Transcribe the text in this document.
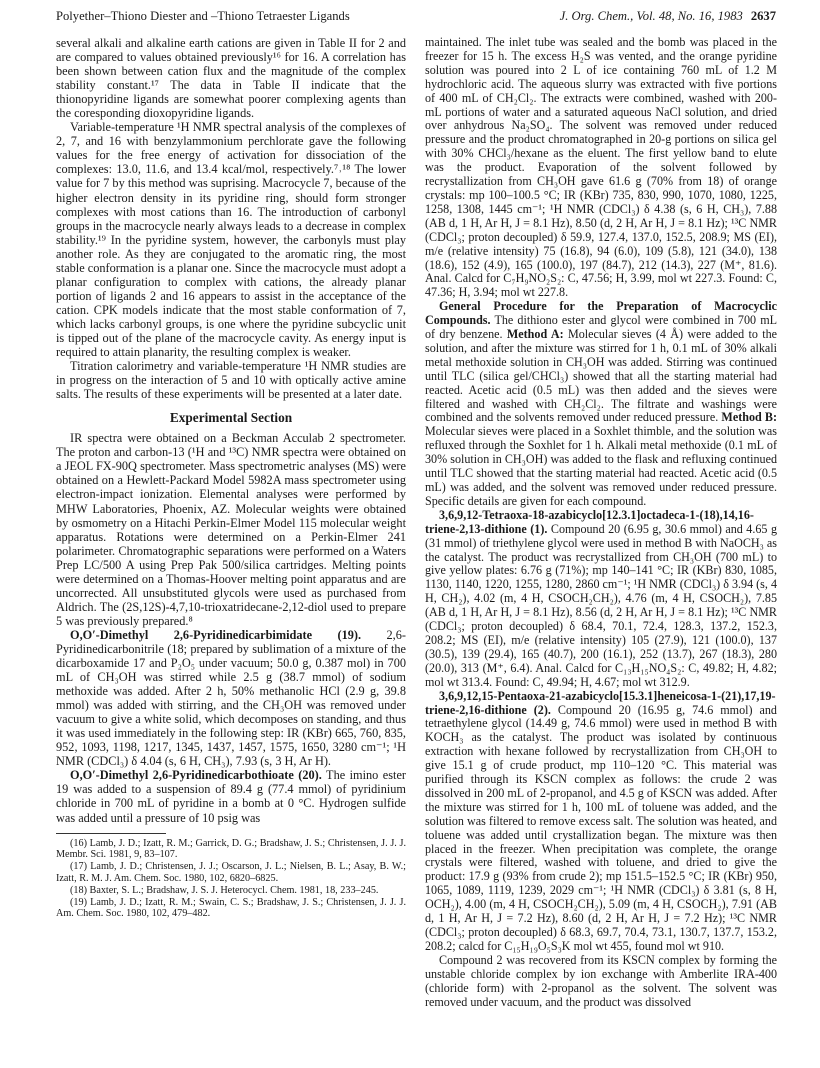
Polyether–Thiono Diester and –Thiono Tetraester Ligands	J. Org. Chem., Vol. 48, No. 16, 1983 2637

several alkali and alkaline earth cations are given in Table II for 2 and are compared to values obtained previously¹⁶ for 16. A correlation has been shown between cation flux and the magnitude of the complex stability constant.¹⁷ The data in Table II indicate that the thionopyridine ligands are somewhat poorer complexing agents than the coresponding dioxopyridine ligands.

Variable-temperature ¹H NMR spectral analysis of the complexes of 2, 7, and 16 with benzylammonium perchlorate gave the following values for the free energy of activation for dissociation of the complexes: 13.0, 11.6, and 13.4 kcal/mol, respectively.⁷˒¹⁸ The lower value for 7 by this method was suprising. Macrocycle 7, because of the higher electron density in its pyridine ring, should form stronger complexes with most cations than 16. The introduction of carbonyl groups in the macrocycle nearly always leads to a decrease in complex stability.¹⁹ In the pyridine system, however, the carbonyls must play another role. As they are conjugated to the aromatic ring, the most stable conformation is a planar one. Since the macrocycle must adopt a planar configuration to complex with cations, the already planar portion of ligands 2 and 16 appears to assist in the acceptance of the cation. CPK models indicate that the most stable conformation of 7, which lacks carbonyl groups, is one where the pyridine subcyclic unit is tipped out of the plane of the macrocycle cavity. As energy input is required to attain planarity, the resulting complex is weaker.

Titration calorimetry and variable-temperature ¹H NMR studies are in progress on the interaction of 5 and 10 with optically active amine salts. The results of these experiments will be presented at a later date.

Experimental Section

IR spectra were obtained on a Beckman Acculab 2 spectrometer. The proton and carbon-13 (¹H and ¹³C) NMR spectra were obtained on a JEOL FX-90Q spectrometer. Mass spectrometric analyses (MS) were obtained on a Hewlett-Packard Model 5982A mass spectrometer using electron-impact ionization. Elemental analyses were performed by MHW Laboratories, Phoenix, AZ. Molecular weights were obtained by osmometry on a Hitachi Perkin-Elmer Model 115 molecular weight apparatus. Rotations were determined on a Perkin-Elmer 241 polarimeter. Chromatographic separations were performed on a Waters Prep LC/500 A using Prep Pak 500/silica cartridges. Melting points were determined on a Thomas-Hoover melting point apparatus and are uncorrected. All unsubstituted glycols were used as purchased from Aldrich. The (2S,12S)-4,7,10-trioxatridecane-2,12-diol used to prepare 5 was previously prepared.⁸

O,O′-Dimethyl 2,6-Pyridinedicarbimidate (19). 2,6-Pyridinedicarbonitrile (18; prepared by sublimation of a mixture of the dicarboxamide 17 and P₂O₅ under vacuum; 50.0 g, 0.387 mol) in 700 mL of CH₃OH was stirred while 2.5 g (38.7 mmol) of sodium methoxide was added. After 2 h, 50% methanolic HCl (2.9 g, 39.8 mmol) was added with stirring, and the CH₃OH was removed under vacuum to give a white solid, which decomposes on standing, and thus it was used immediately in the following step: IR (KBr) 665, 760, 835, 952, 1093, 1198, 1217, 1345, 1437, 1457, 1575, 1650, 3280 cm⁻¹; ¹H NMR (CDCl₃) δ 4.04 (s, 6 H, CH₃), 7.93 (s, 3 H, Ar H).

O,O′-Dimethyl 2,6-Pyridinedicarbothioate (20). The imino ester 19 was added to a suspension of 89.4 g (77.4 mmol) of pyridinium chloride in 700 mL of pyridine in a bomb at 0 °C. Hydrogen sulfide was added until a pressure of 10 psig was

(16) Lamb, J. D.; Izatt, R. M.; Garrick, D. G.; Bradshaw, J. S.; Christensen, J. J. J. Membr. Sci. 1981, 9, 83–107.

(17) Lamb, J. D.; Christensen, J. J.; Oscarson, J. L.; Nielsen, B. L.; Asay, B. W.; Izatt, R. M. J. Am. Chem. Soc. 1980, 102, 6820–6825.

(18) Baxter, S. L.; Bradshaw, J. S. J. Heterocycl. Chem. 1981, 18, 233–245.

(19) Lamb, J. D.; Izatt, R. M.; Swain, C. S.; Bradshaw, J. S.; Christensen, J. J. J. Am. Chem. Soc. 1980, 102, 479–482.

maintained. The inlet tube was sealed and the bomb was placed in the freezer for 15 h. The excess H₂S was vented, and the orange pyridine solution was poured into 2 L of ice containing 760 mL of 1.2 M hydrochloric acid. The aqueous slurry was extracted with five portions of 400 mL of CH₂Cl₂. The extracts were combined, washed with 200-mL portions of water and a saturated aqueous NaCl solution, and dried over anhydrous Na₂SO₄. The solvent was removed under reduced pressure and the product chromatographed in 20-g portions on silica gel with 30% CHCl₃/hexane as the eluent. The first yellow band to elute was the product. Evaporation of the solvent followed by recrystallization from CH₃OH gave 61.6 g (70% from 18) of orange crystals: mp 100–100.5 °C; IR (KBr) 735, 830, 990, 1070, 1080, 1225, 1258, 1308, 1445 cm⁻¹; ¹H NMR (CDCl₃) δ 4.38 (s, 6 H, CH₃), 7.88 (AB d, 1 H, Ar H, J = 8.1 Hz), 8.50 (d, 2 H, Ar H, J = 8.1 Hz); ¹³C NMR (CDCl₃; proton decoupled) δ 59.9, 127.4, 137.0, 152.5, 208.9; MS (EI), m/e (relative intensity) 75 (16.8), 94 (6.0), 109 (5.8), 121 (34.0), 138 (18.6), 152 (4.9), 165 (100.0), 197 (84.7), 212 (14.3), 227 (M⁺, 81.6). Anal. Calcd for C₇H₉NO₂S₂: C, 47.56; H, 3.99, mol wt 227.3. Found: C, 47.36; H, 3.94; mol wt 227.8.

General Procedure for the Preparation of Macrocyclic Compounds. The dithiono ester and glycol were combined in 700 mL of dry benzene. Method A: Molecular sieves (4 Å) were added to the solution, and after the mixture was stirred for 1 h, 0.1 mL of 30% alkali metal methoxide solution in CH₃OH was added. Stirring was continued until TLC (silica gel/CHCl₃) showed that all the starting material had reacted. Acetic acid (0.5 mL) was then added and the sieves were filtered and washed with CH₂Cl₂. The filtrate and washings were combined and the solvents removed under reduced pressure. Method B: Molecular sieves were placed in a Soxhlet thimble, and the solution was refluxed through the Soxhlet for 1 h. Alkali metal methoxide (0.1 mL of 30% solution in CH₃OH) was added to the flask and refluxing continued until TLC showed that the starting material had reacted. Acetic acid (0.5 mL) was added, and the solvent was removed under reduced pressure. Specific details are given for each compound.

3,6,9,12-Tetraoxa-18-azabicyclo[12.3.1]octadeca-1-(18),14,16-triene-2,13-dithione (1). Compound 20 (6.95 g, 30.6 mmol) and 4.65 g (31 mmol) of triethylene glycol were used in method B with NaOCH₃ as the catalyst. The product was recrystallized from CH₃OH (700 mL) to give yellow plates: 6.76 g (71%); mp 140–141 °C; IR (KBr) 830, 1085, 1130, 1140, 1220, 1255, 1280, 2860 cm⁻¹; ¹H NMR (CDCl₃) δ 3.94 (s, 4 H, CH₂), 4.02 (m, 4 H, CSOCH₂CH₂), 4.76 (m, 4 H, CSOCH₂), 7.85 (AB d, 1 H, Ar H, J = 8.1 Hz), 8.56 (d, 2 H, Ar H, J = 8.1 Hz); ¹³C NMR (CDCl₃; proton decoupled) δ 68.4, 70.1, 72.4, 128.3, 137.2, 152.3, 208.2; MS (EI), m/e (relative intensity) 105 (27.9), 121 (100.0), 137 (30.5), 139 (29.4), 165 (40.7), 200 (16.1), 252 (13.7), 267 (18.3), 280 (20.0), 313 (M⁺, 6.4). Anal. Calcd for C₁₃H₁₅NO₄S₂: C, 49.82; H, 4.82; mol wt 313.4. Found: C, 49.94; H, 4.67; mol wt 312.9.

3,6,9,12,15-Pentaoxa-21-azabicyclo[15.3.1]heneicosa-1-(21),17,19-triene-2,16-dithione (2). Compound 20 (16.95 g, 74.6 mmol) and tetraethylene glycol (14.49 g, 74.6 mmol) were used in method B with KOCH₃ as the catalyst. The product was isolated by continuous extraction with hexane followed by recrystallization from CH₃OH to give 15.1 g of crude product, mp 110–120 °C. This material was purified through its KSCN complex as follows: the crude 2 was dissolved in 200 mL of 2-propanol, and 4.5 g of KSCN was added. After the mixture was stirred for 1 h, 100 mL of toluene was added, and the solution was filtered to remove excess salt. The solution was heated, and toluene was added until crystallization began. The mixture was then placed in the freezer. When precipitation was complete, the orange crystals were filtered, washed with toluene, and dried to give the product: 17.9 g (93% from crude 2); mp 151.5–152.5 °C; IR (KBr) 950, 1065, 1089, 1119, 1239, 2029 cm⁻¹; ¹H NMR (CDCl₃) δ 3.81 (s, 8 H, OCH₂), 4.00 (m, 4 H, CSOCH₂CH₂), 5.09 (m, 4 H, CSOCH₂), 7.91 (AB d, 1 H, Ar H, J = 7.2 Hz), 8.60 (d, 2 H, Ar H, J = 7.2 Hz); ¹³C NMR (CDCl₃; proton decoupled) δ 68.3, 69.7, 70.4, 73.1, 130.7, 137.7, 153.2, 208.2; calcd for C₁₅H₁₉O₅S₃K mol wt 455, found mol wt 910.

Compound 2 was recovered from its KSCN complex by forming the unstable chloride complex by ion exchange with Amberlite IRA-400 (chloride form) with 2-propanol as the solvent. The solvent was removed under vacuum, and the product was dissolved
